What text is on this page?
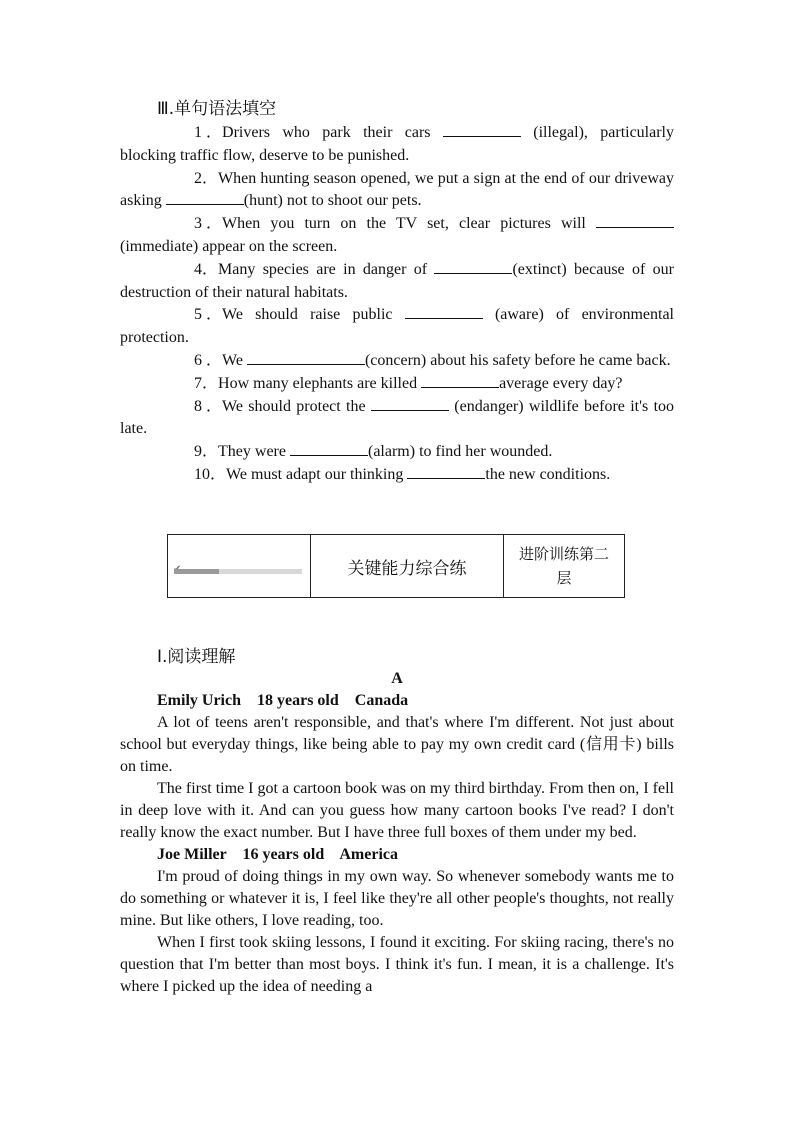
Ⅲ.单句语法填空

1 ．Drivers who park their cars	(illegal), particularly blocking traffic flow, deserve to be punished.

2．When hunting season opened, we put a sign at the end of our driveway asking	(hunt) not to shoot our pets.

3 ．When you turn on the TV set, clear pictures will  (immediate) appear on the screen.

4．Many species are in danger of	(extinct) because of our destruction of their natural habitats.

5 ．We should raise public	(aware) of environmental protection.

6 ．We	(concern) about his safety before he came back.

7．How many elephants are killed	average every day?

8 ．We should protect the	(endanger) wildlife before it's too late.

9．They were	(alarm) to find her wounded.

10．We must adapt our thinking	the new conditions.

关键能力综合练
进阶训练第二层
Ⅰ.阅读理解
A

Emily Urich 18 years old Canada

A lot of teens aren't responsible, and that's where I'm different. Not just about school but everyday things, like being able to pay my own credit card (信用卡) bills on time.

The first time I got a cartoon book was on my third birthday. From then on, I fell in deep love with it. And can you guess how many cartoon books I've read? I don't really know the exact number. But I have three full boxes of them under my bed.

Joe Miller 16 years old America

I'm proud of doing things in my own way. So whenever somebody wants me to do something or whatever it is, I feel like they're all other people's thoughts, not really mine. But like others, I love reading, too.

When I first took skiing lessons, I found it exciting. For skiing racing, there's no question that I'm better than most boys. I think it's fun. I mean, it is a challenge. It's where I picked up the idea of needing a
